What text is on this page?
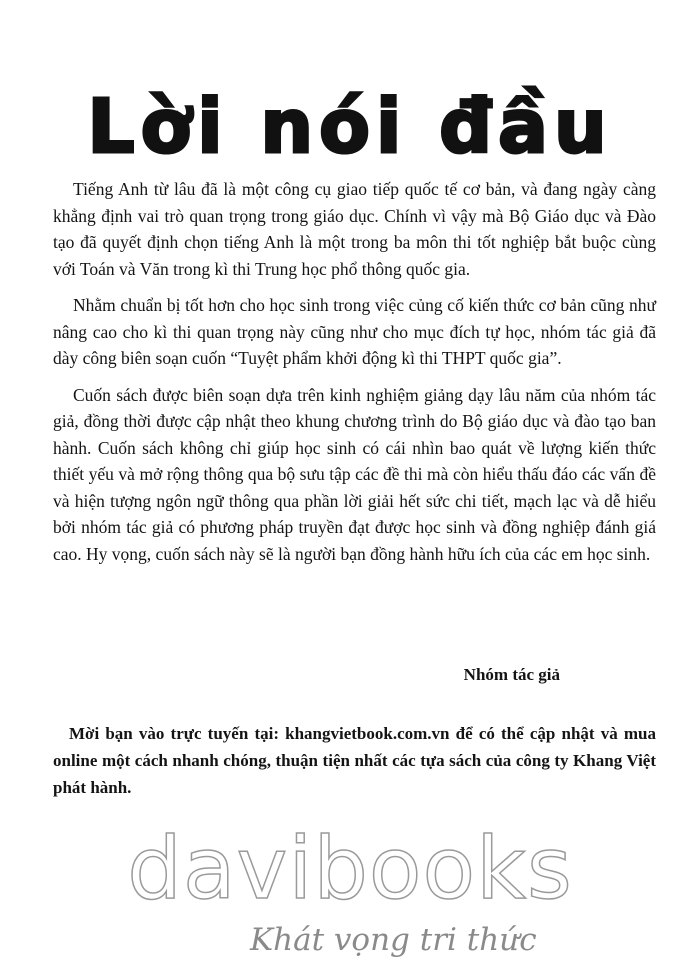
Lời nói đầu

Tiếng Anh từ lâu đã là một công cụ giao tiếp quốc tế cơ bản, và đang ngày càng khẳng định vai trò quan trọng trong giáo dục. Chính vì vậy mà Bộ Giáo dục và Đào tạo đã quyết định chọn tiếng Anh là một trong ba môn thi tốt nghiệp bắt buộc cùng với Toán và Văn trong kì thi Trung học phổ thông quốc gia.

Nhằm chuẩn bị tốt hơn cho học sinh trong việc củng cố kiến thức cơ bản cũng như nâng cao cho kì thi quan trọng này cũng như cho mục đích tự học, nhóm tác giả đã dày công biên soạn cuốn “Tuyệt phẩm khởi động kì thi THPT quốc gia”.

Cuốn sách được biên soạn dựa trên kinh nghiệm giảng dạy lâu năm của nhóm tác giả, đồng thời được cập nhật theo khung chương trình do Bộ giáo dục và đào tạo ban hành. Cuốn sách không chỉ giúp học sinh có cái nhìn bao quát về lượng kiến thức thiết yếu và mở rộng thông qua bộ sưu tập các đề thi mà còn hiểu thấu đáo các vấn đề và hiện tượng ngôn ngữ thông qua phần lời giải hết sức chi tiết, mạch lạc và dễ hiểu bởi nhóm tác giả có phương pháp truyền đạt được học sinh và đồng nghiệp đánh giá cao. Hy vọng, cuốn sách này sẽ là người bạn đồng hành hữu ích của các em học sinh.

Nhóm tác giả
Mời bạn vào trực tuyến tại: khangvietbook.com.vn để có thể cập nhật và mua online một cách nhanh chóng, thuận tiện nhất các tựa sách của công ty Khang Việt phát hành.
davibooks
Khát vọng tri thức
